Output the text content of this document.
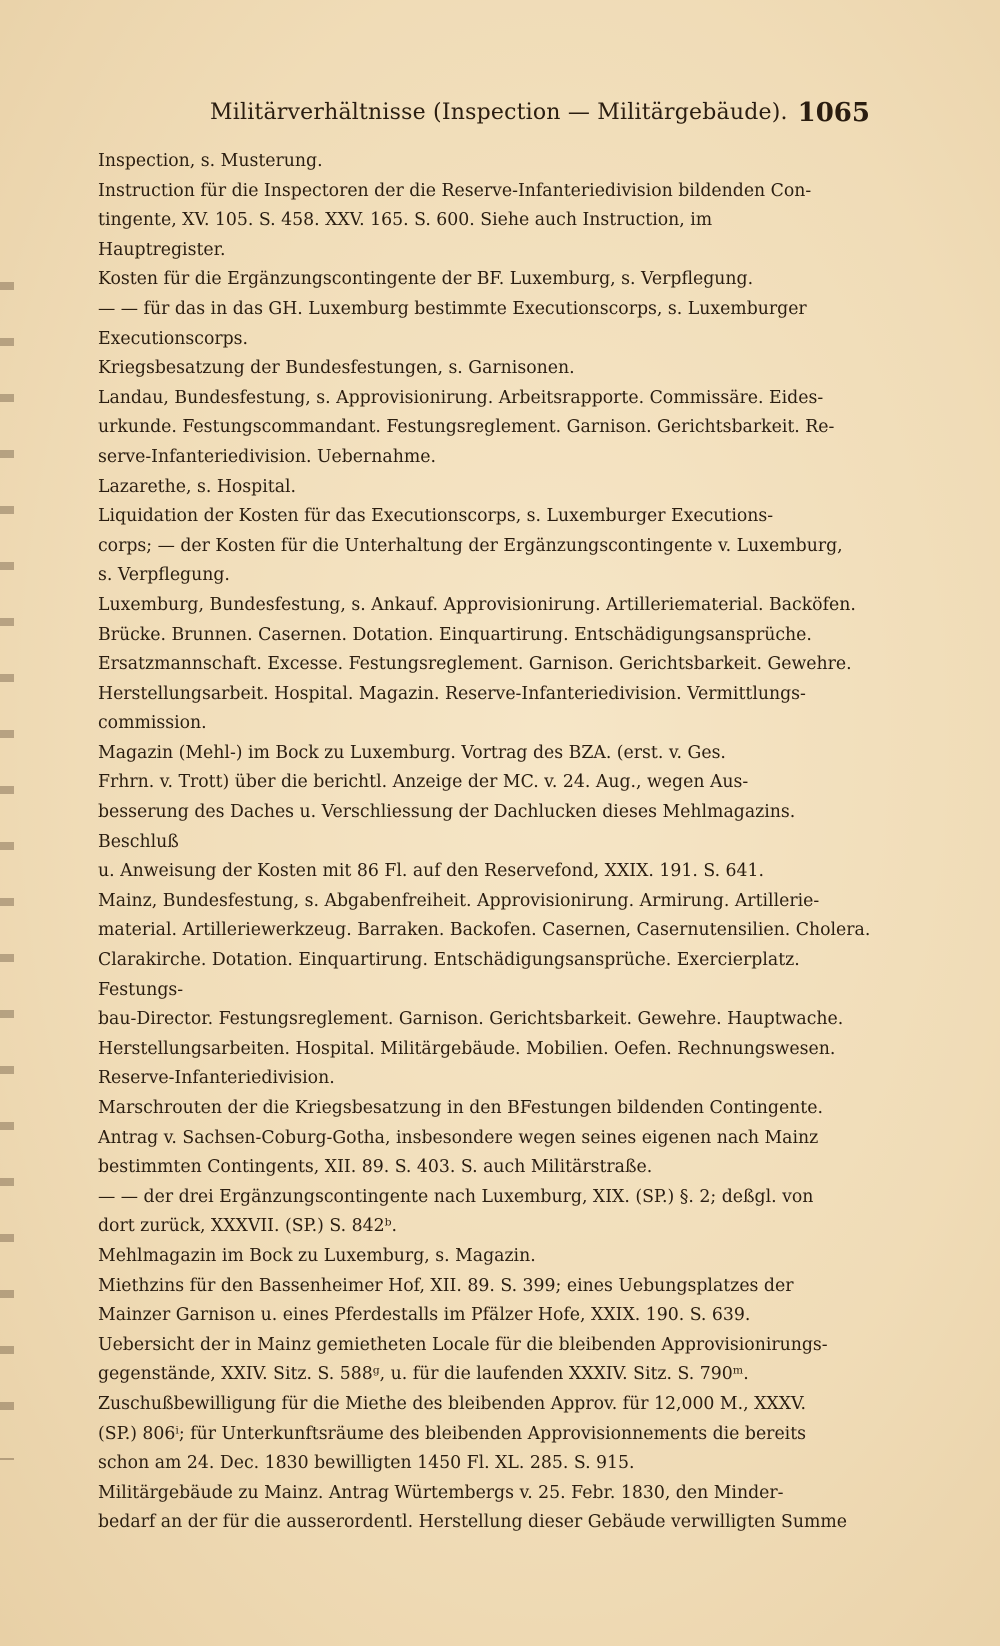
Militärverhältnisse (Inspection — Militärgebäude). 1065
Inspection, s. Musterung.
Instruction für die Inspectoren der die Reserve-Infanteriedivision bildenden Con-
tingente, XV. 105. S. 458. XXV. 165. S. 600. Siehe auch Instruction, im
Hauptregister.
Kosten für die Ergänzungscontingente der BF. Luxemburg, s. Verpflegung.
— — für das in das GH. Luxemburg bestimmte Executionscorps, s. Luxemburger
Executionscorps.
Kriegsbesatzung der Bundesfestungen, s. Garnisonen.
Landau, Bundesfestung, s. Approvisionirung. Arbeitsrapporte. Commissäre. Eides-
urkunde. Festungscommandant. Festungsreglement. Garnison. Gerichtsbarkeit. Re-
serve-Infanteriedivision. Uebernahme.
Lazarethe, s. Hospital.
Liquidation der Kosten für das Executionscorps, s. Luxemburger Executions-
corps; — der Kosten für die Unterhaltung der Ergänzungscontingente v. Luxemburg,
s. Verpflegung.
Luxemburg, Bundesfestung, s. Ankauf. Approvisionirung. Artilleriematerial. Backöfen.
Brücke. Brunnen. Casernen. Dotation. Einquartirung. Entschädigungsansprüche.
Ersatzmannschaft. Excesse. Festungsreglement. Garnison. Gerichtsbarkeit. Gewehre.
Herstellungsarbeit. Hospital. Magazin. Reserve-Infanteriedivision. Vermittlungs-
commission.
Magazin (Mehl-) im Bock zu Luxemburg. Vortrag des BZA. (erst. v. Ges.
Frhrn. v. Trott) über die berichtl. Anzeige der MC. v. 24. Aug., wegen Aus-
besserung des Daches u. Verschliessung der Dachlucken dieses Mehlmagazins. Beschluß
u. Anweisung der Kosten mit 86 Fl. auf den Reservefond, XXIX. 191. S. 641.
Mainz, Bundesfestung, s. Abgabenfreiheit. Approvisionirung. Armirung. Artillerie-
material. Artilleriewerkzeug. Barraken. Backofen. Casernen, Casernutensilien. Cholera.
Clarakirche. Dotation. Einquartirung. Entschädigungsansprüche. Exercierplatz. Festungs-
bau-Director. Festungsreglement. Garnison. Gerichtsbarkeit. Gewehre. Hauptwache.
Herstellungsarbeiten. Hospital. Militärgebäude. Mobilien. Oefen. Rechnungswesen.
Reserve-Infanteriedivision.
Marschrouten der die Kriegsbesatzung in den BFestungen bildenden Contingente.
Antrag v. Sachsen-Coburg-Gotha, insbesondere wegen seines eigenen nach Mainz
bestimmten Contingents, XII. 89. S. 403. S. auch Militärstraße.
— — der drei Ergänzungscontingente nach Luxemburg, XIX. (SP.) §. 2; deßgl. von
dort zurück, XXXVII. (SP.) S. 842ᵇ.
Mehlmagazin im Bock zu Luxemburg, s. Magazin.
Miethzins für den Bassenheimer Hof, XII. 89. S. 399; eines Uebungsplatzes der
Mainzer Garnison u. eines Pferdestalls im Pfälzer Hofe, XXIX. 190. S. 639.
Uebersicht der in Mainz gemietheten Locale für die bleibenden Approvisionirungs-
gegenstände, XXIV. Sitz. S. 588ᵍ, u. für die laufenden XXXIV. Sitz. S. 790ᵐ.
Zuschußbewilligung für die Miethe des bleibenden Approv. für 12,000 M., XXXV.
(SP.) 806ⁱ; für Unterkunftsräume des bleibenden Approvisionnements die bereits
schon am 24. Dec. 1830 bewilligten 1450 Fl. XL. 285. S. 915.
Militärgebäude zu Mainz. Antrag Würtembergs v. 25. Febr. 1830, den Minder-
bedarf an der für die ausserordentl. Herstellung dieser Gebäude verwilligten Summe
